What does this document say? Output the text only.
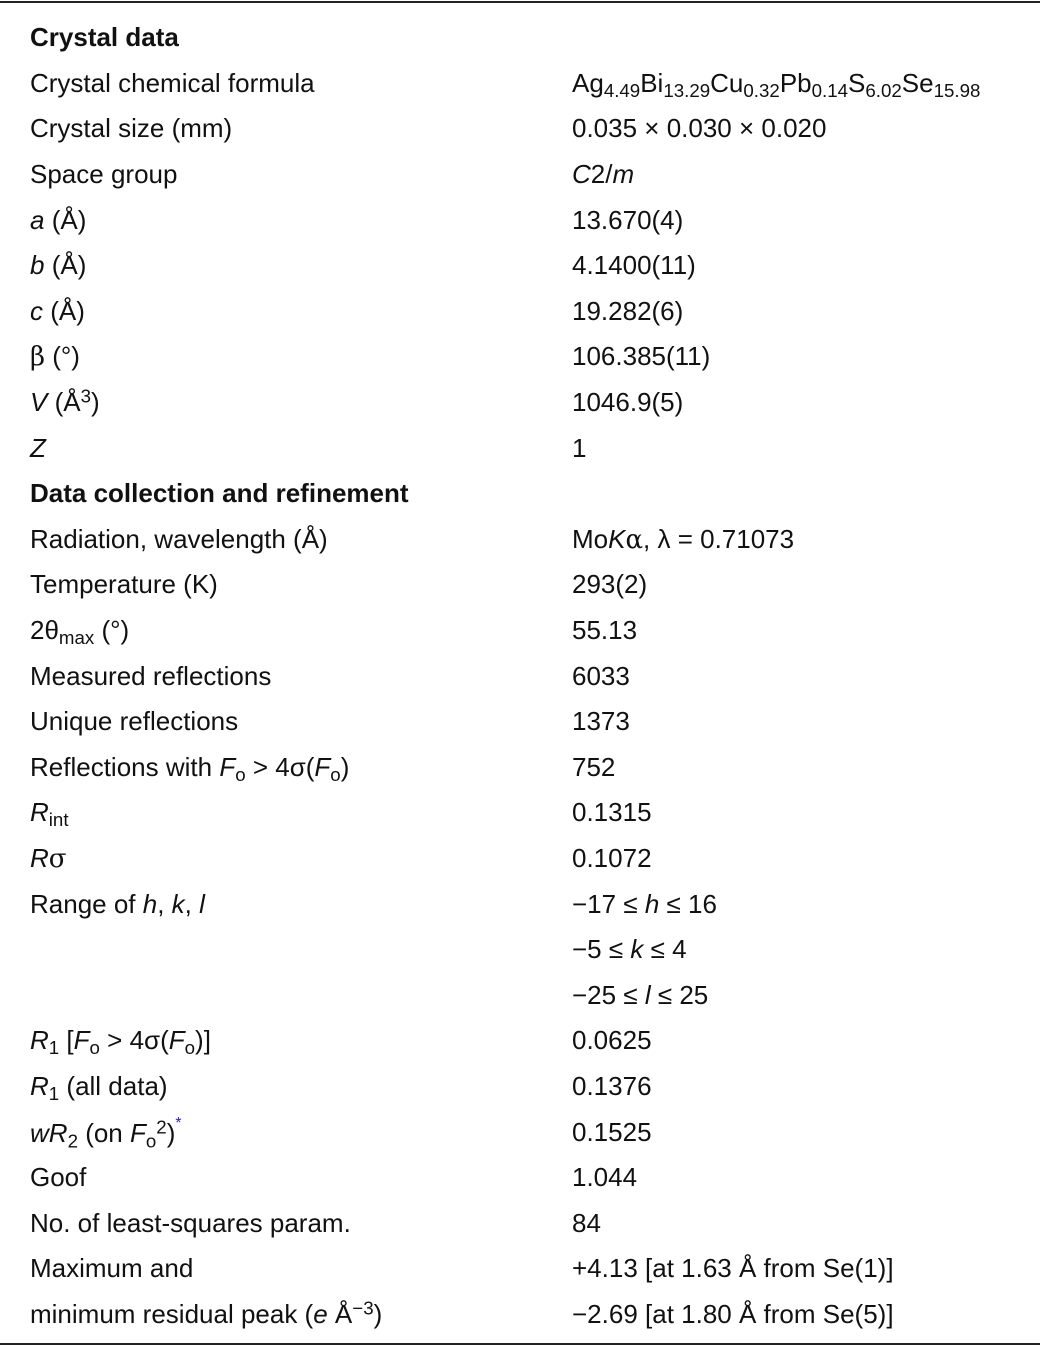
Crystal data
Crystal chemical formula	$Ag_{4.49}Bi_{13.29}Cu_{0.32}Pb_{0.14}S_{6.02}Se_{15.98}$
Crystal size (mm)	0.035 × 0.030 × 0.020
Space group	C2/m
a (Å)	13.670(4)
b (Å)	4.1400(11)
c (Å)	19.282(6)
β (°)	106.385(11)
V $(Å^3)$	1046.9(5)
Z	1
Data collection and refinement
Radiation, wavelength (Å)	MoKα, λ = 0.71073
Temperature (K)	293(2)
$2\theta_{max}$ (°)	55.13
Measured reflections	6033
Unique reflections	1373
Reflections with $F_o > 4\sigma(F_o)$	752
$R_{int}$	0.1315
Rσ	0.1072
Range of h, k, l	−17 ≤ h ≤ 16
−5 ≤ k ≤ 4
−25 ≤ l ≤ 25
$R_1$ $[F_o > 4\sigma(F_o)]$	0.0625
$R_1$ (all data)	0.1376
$wR_2$ (on $F_o^2)^*$	0.1525
Goof	1.044
No. of least-squares param.	84
Maximum and	+4.13 [at 1.63 Å from Se(1)]
minimum residual peak (e $Å^{-3}$)	−2.69 [at 1.80 Å from Se(5)]
